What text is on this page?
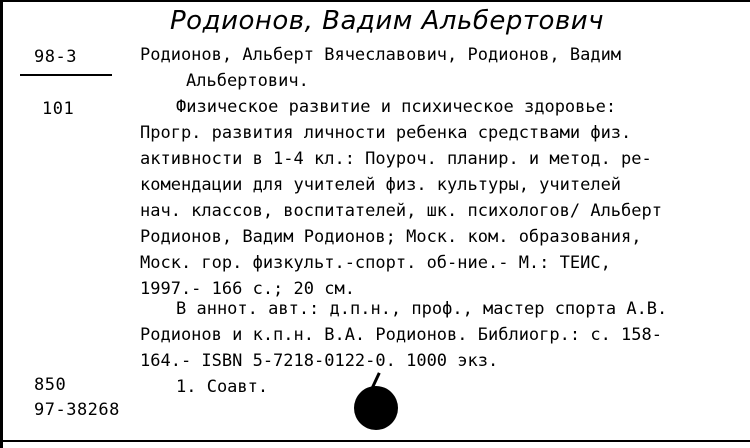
Родионов, Вадим Альбертович
98-3
101
850
97-38268
Родионов, Альберт Вячеславович, Родионов, Вадим
Альбертович.
Физическое развитие и психическое здоровье:
Прогр. развития личности ребенка средствами физ.
активности в 1-4 кл.: Поуроч. планир. и метод. ре-
комендации для учителей физ. культуры, учителей
нач. классов, воспитателей, шк. психологов/ Альберт
Родионов, Вадим Родионов; Моск. ком. образования,
Моск. гор. физкульт.-спорт. об-ние.- М.: ТЕИС,
1997.- 166 с.; 20 см.
В аннот. авт.: д.п.н., проф., мастер спорта А.В.
Родионов и к.п.н. В.А. Родионов. Библиогр.: с. 158-
164.- ISBN 5-7218-0122-0. 1000 экз.
1. Соавт.
